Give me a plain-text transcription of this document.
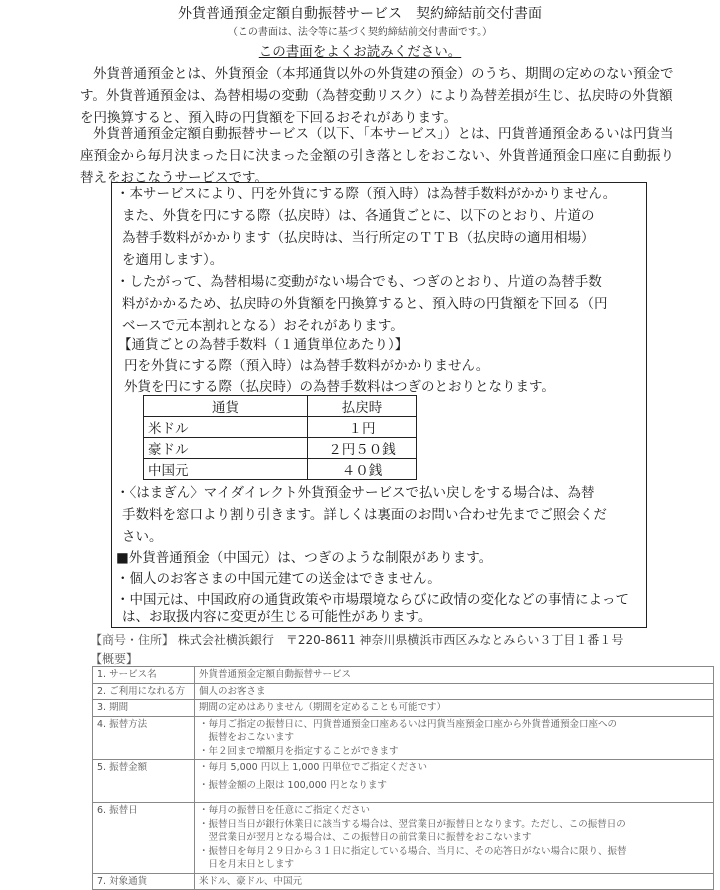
外貨普通預金定額自動振替サービス　契約締結前交付書面
（この書面は、法令等に基づく契約締結前交付書面です。）
この書面をよくお読みください。
外貨普通預金とは、外貨預金（本邦通貨以外の外貨建の預金）のうち、期間の定めのない預金です。外貨普通預金は、為替相場の変動（為替変動リスク）により為替差損が生じ、払戻時の外貨額を円換算すると、預入時の円貨額を下回るおそれがあります。
外貨普通預金定額自動振替サービス（以下、「本サービス」）とは、円貨普通預金あるいは円貨当座預金から毎月決まった日に決まった金額の引き落としをおこない、外貨普通預金口座に自動振り替えをおこなうサービスです。
・本サービスにより、円を外貨にする際（預入時）は為替手数料がかかりません。
また、外貨を円にする際（払戻時）は、各通貨ごとに、以下のとおり、片道の
為替手数料がかかります（払戻時は、当行所定のＴＴＢ（払戻時の適用相場）
を適用します）。
・したがって、為替相場に変動がない場合でも、つぎのとおり、片道の為替手数
料がかかるため、払戻時の外貨額を円換算すると、預入時の円貨額を下回る（円
ベースで元本割れとなる）おそれがあります。
【通貨ごとの為替手数料（１通貨単位あたり）】
円を外貨にする際（預入時）は為替手数料がかかりません。
外貨を円にする際（払戻時）の為替手数料はつぎのとおりとなります。
通貨	払戻時
米ドル	１円
豪ドル	２円５０銭
中国元	４０銭
・〈はまぎん〉マイダイレクト外貨預金サービスで払い戻しをする場合は、為替
手数料を窓口より割り引きます。詳しくは裏面のお問い合わせ先までご照会くだ
さい。
■外貨普通預金（中国元）は、つぎのような制限があります。
・個人のお客さまの中国元建ての送金はできません。
・中国元は、中国政府の通貨政策や市場環境ならびに政情の変化などの事情によって
は、お取扱内容に変更が生じる可能性があります。
【商号・住所】 株式会社横浜銀行　〒220-8611 神奈川県横浜市西区みなとみらい３丁目１番１号
【概要】
1. サービス名	外貨普通預金定額自動振替サービス

2. ご利用になれる方	個人のお客さま

3. 期間	期間の定めはありません（期間を定めることも可能です）

4. 振替方法	・毎月ご指定の振替日に、円貨普通預金口座あるいは円貨当座預金口座から外貨普通預金口座への
　振替をおこないます
・年２回まで増額月を指定することができます

5. 振替金額	・毎月 5,000 円以上 1,000 円単位でご指定ください
・振替金額の上限は 100,000 円となります

6. 振替日	・毎月の振替日を任意にご指定ください
・振替日当日が銀行休業日に該当する場合は、翌営業日が振替日となります。ただし、この振替日の
　翌営業日が翌月となる場合は、この振替日の前営業日に振替をおこないます
・振替日を毎月２９日から３１日に指定している場合、当月に、その応答日がない場合に限り、振替
　日を月末日とします

7. 対象通貨	米ドル、豪ドル、中国元
